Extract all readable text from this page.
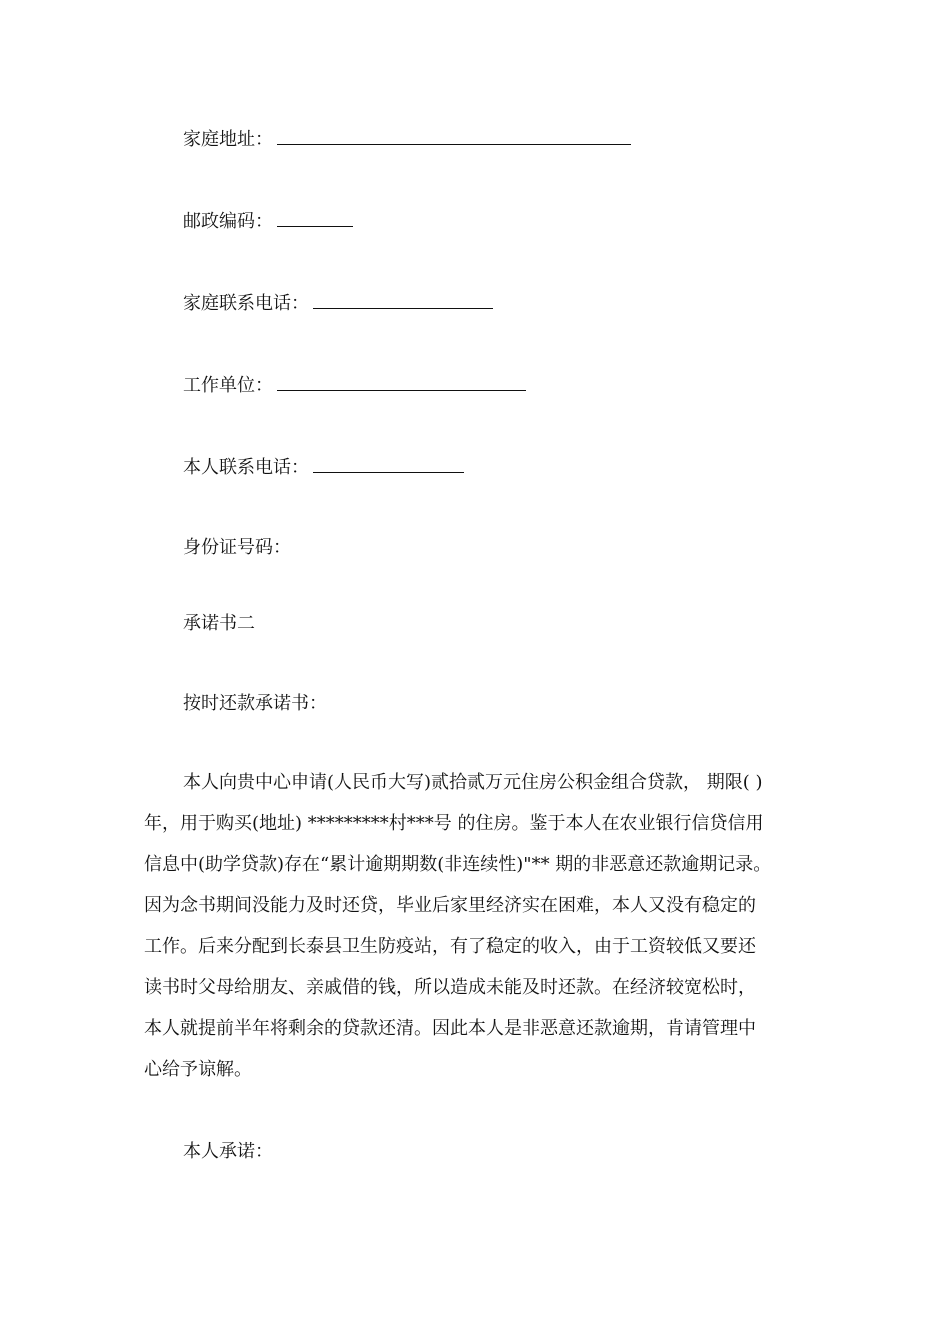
家庭地址：
邮政编码：
家庭联系电话：
工作单位：
本人联系电话：
身份证号码：
承诺书二
按时还款承诺书：
本人向贵中心申请(人民币大写)贰拾贰万元住房公积金组合贷款， 期限( )
年，用于购买(地址) *********村***号 的住房。鉴于本人在农业银行信贷信用
信息中(助学贷款)存在“累计逾期期数(非连续性)"** 期的非恶意还款逾期记录。
因为念书期间没能力及时还贷，毕业后家里经济实在困难，本人又没有稳定的
工作。后来分配到长泰县卫生防疫站，有了稳定的收入，由于工资较低又要还
读书时父母给朋友、亲戚借的钱，所以造成未能及时还款。在经济较宽松时，
本人就提前半年将剩余的贷款还清。因此本人是非恶意还款逾期，肯请管理中
心给予谅解。
本人承诺：
